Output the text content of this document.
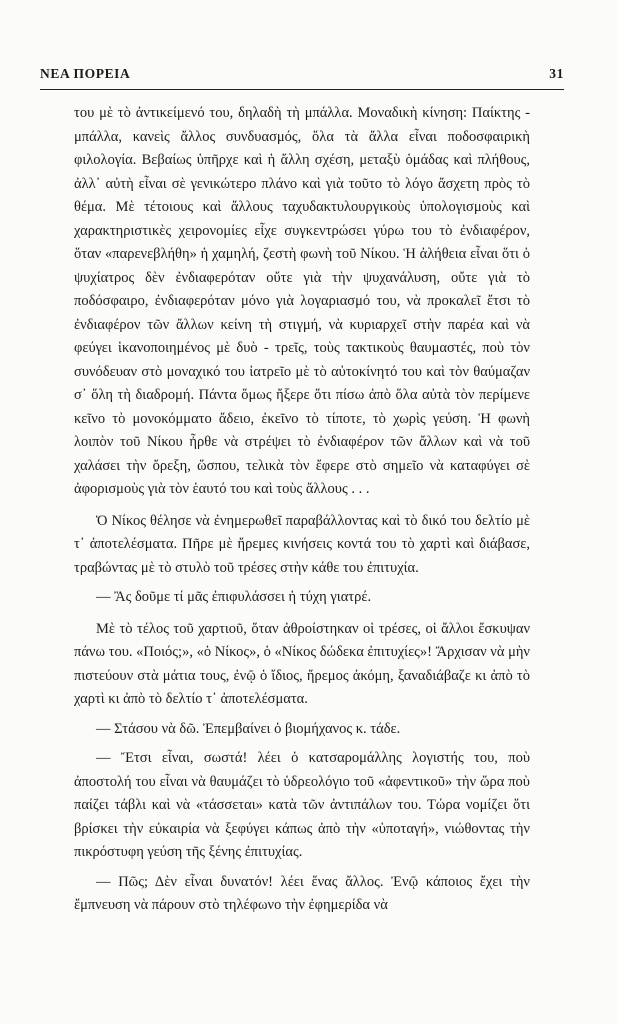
ΝΕΑ ΠΟΡΕΙΑ	31

του μὲ τὸ ἀντικείμενό του, δηλαδὴ τὴ μπάλλα. Μοναδικὴ κίνηση: Παίκτης - μπάλλα, κανεὶς ἄλλος συνδυασμός, ὅλα τὰ ἄλλα εἶναι ποδοσφαιρικὴ φιλολογία. Βεβαίως ὑπῆρχε καὶ ἡ ἄλλη σχέση, μεταξὺ ὁμάδας καὶ πλήθους, ἀλλ᾿ αὐτὴ εἶναι σὲ γενικώτερο πλάνο καὶ γιὰ τοῦτο τὸ λόγο ἄσχετη πρὸς τὸ θέμα. Μὲ τέτοιους καὶ ἄλλους ταχυδακτυλουργικοὺς ὑπολογισμοὺς καὶ χαρακτηριστικὲς χειρονομίες εἶχε συγκεντρώσει γύρω του τὸ ἐνδιαφέρον, ὅταν «παρενεβλήθη» ἡ χαμηλή, ζεστὴ φωνὴ τοῦ Νίκου. Ἡ ἀλήθεια εἶναι ὅτι ὁ ψυχίατρος δὲν ἐνδιαφερόταν οὔτε γιὰ τὴν ψυχανάλυση, οὔτε γιὰ τὸ ποδόσφαιρο, ἐνδιαφερόταν μόνο γιὰ λογαριασμό του, νὰ προκαλεῖ ἔτσι τὸ ἐνδιαφέρον τῶν ἄλλων κείνη τὴ στιγμή, νὰ κυριαρχεῖ στὴν παρέα καὶ νὰ φεύγει ἱκανοποιημένος μὲ δυὸ - τρεῖς, τοὺς τακτικοὺς θαυμαστές, ποὺ τὸν συνόδευαν στὸ μοναχικό του ἰατρεῖο μὲ τὸ αὐτοκίνητό του καὶ τὸν θαύμαζαν σ᾿ ὅλη τὴ διαδρομή. Πάντα ὅμως ἤξερε ὅτι πίσω ἀπὸ ὅλα αὐτὰ τὸν περίμενε κεῖνο τὸ μονοκόμματο ἄδειο, ἐκεῖνο τὸ τίποτε, τὸ χωρὶς γεύση. Ἡ φωνὴ λοιπὸν τοῦ Νίκου ἦρθε νὰ στρέψει τὸ ἐνδιαφέρον τῶν ἄλλων καὶ νὰ τοῦ χαλάσει τὴν ὄρεξη, ὥσπου, τελικὰ τὸν ἔφερε στὸ σημεῖο νὰ καταφύγει σὲ ἀφορισμοὺς γιὰ τὸν ἑαυτό του καὶ τοὺς ἄλλους . . .

Ὁ Νίκος θέλησε νὰ ἐνημερωθεῖ παραβάλλοντας καὶ τὸ δικό του δελτίο μὲ τ᾿ ἀποτελέσματα. Πῆρε μὲ ἤρεμες κινήσεις κοντά του τὸ χαρτὶ καὶ διάβασε, τραβώντας μὲ τὸ στυλὸ τοῦ τρέσες στὴν κάθε του ἐπιτυχία.

— Ἂς δοῦμε τί μᾶς ἐπιφυλάσσει ἡ τύχη γιατρέ.

Μὲ τὸ τέλος τοῦ χαρτιοῦ, ὅταν ἀθροίστηκαν οἱ τρέσες, οἱ ἄλλοι ἔσκυψαν πάνω του. «Ποιός;», «ὁ Νίκος», ὁ «Νίκος δώδεκα ἐπιτυχίες»! Ἄρχισαν νὰ μὴν πιστεύουν στὰ μάτια τους, ἐνῷ ὁ ἴδιος, ἤρεμος ἀκόμη, ξαναδιάβαζε κι ἀπὸ τὸ χαρτὶ κι ἀπὸ τὸ δελτίο τ᾿ ἀποτελέσματα.

— Στάσου νὰ δῶ. Ἐπεμβαίνει ὁ βιομήχανος κ. τάδε.

— Ἔτσι εἶναι, σωστά! λέει ὁ κατσαρομάλλης λογιστής του, ποὺ ἀποστολή του εἶναι νὰ θαυμάζει τὸ ὑδρεολόγιο τοῦ «ἀφεντικοῦ» τὴν ὥρα ποὺ παίζει τάβλι καὶ νὰ «τάσσεται» κατὰ τῶν ἀντιπάλων του. Τώρα νομίζει ὅτι βρίσκει τὴν εὐκαιρία νὰ ξεφύγει κάπως ἀπὸ τὴν «ὑποταγή», νιώθοντας τὴν πικρόστυφη γεύση τῆς ξένης ἐπιτυχίας.

— Πῶς; Δὲν εἶναι δυνατόν! λέει ἕνας ἄλλος. Ἐνῷ κάποιος ἔχει τὴν ἔμπνευση νὰ πάρουν στὸ τηλέφωνο τὴν ἐφημερίδα νὰ
